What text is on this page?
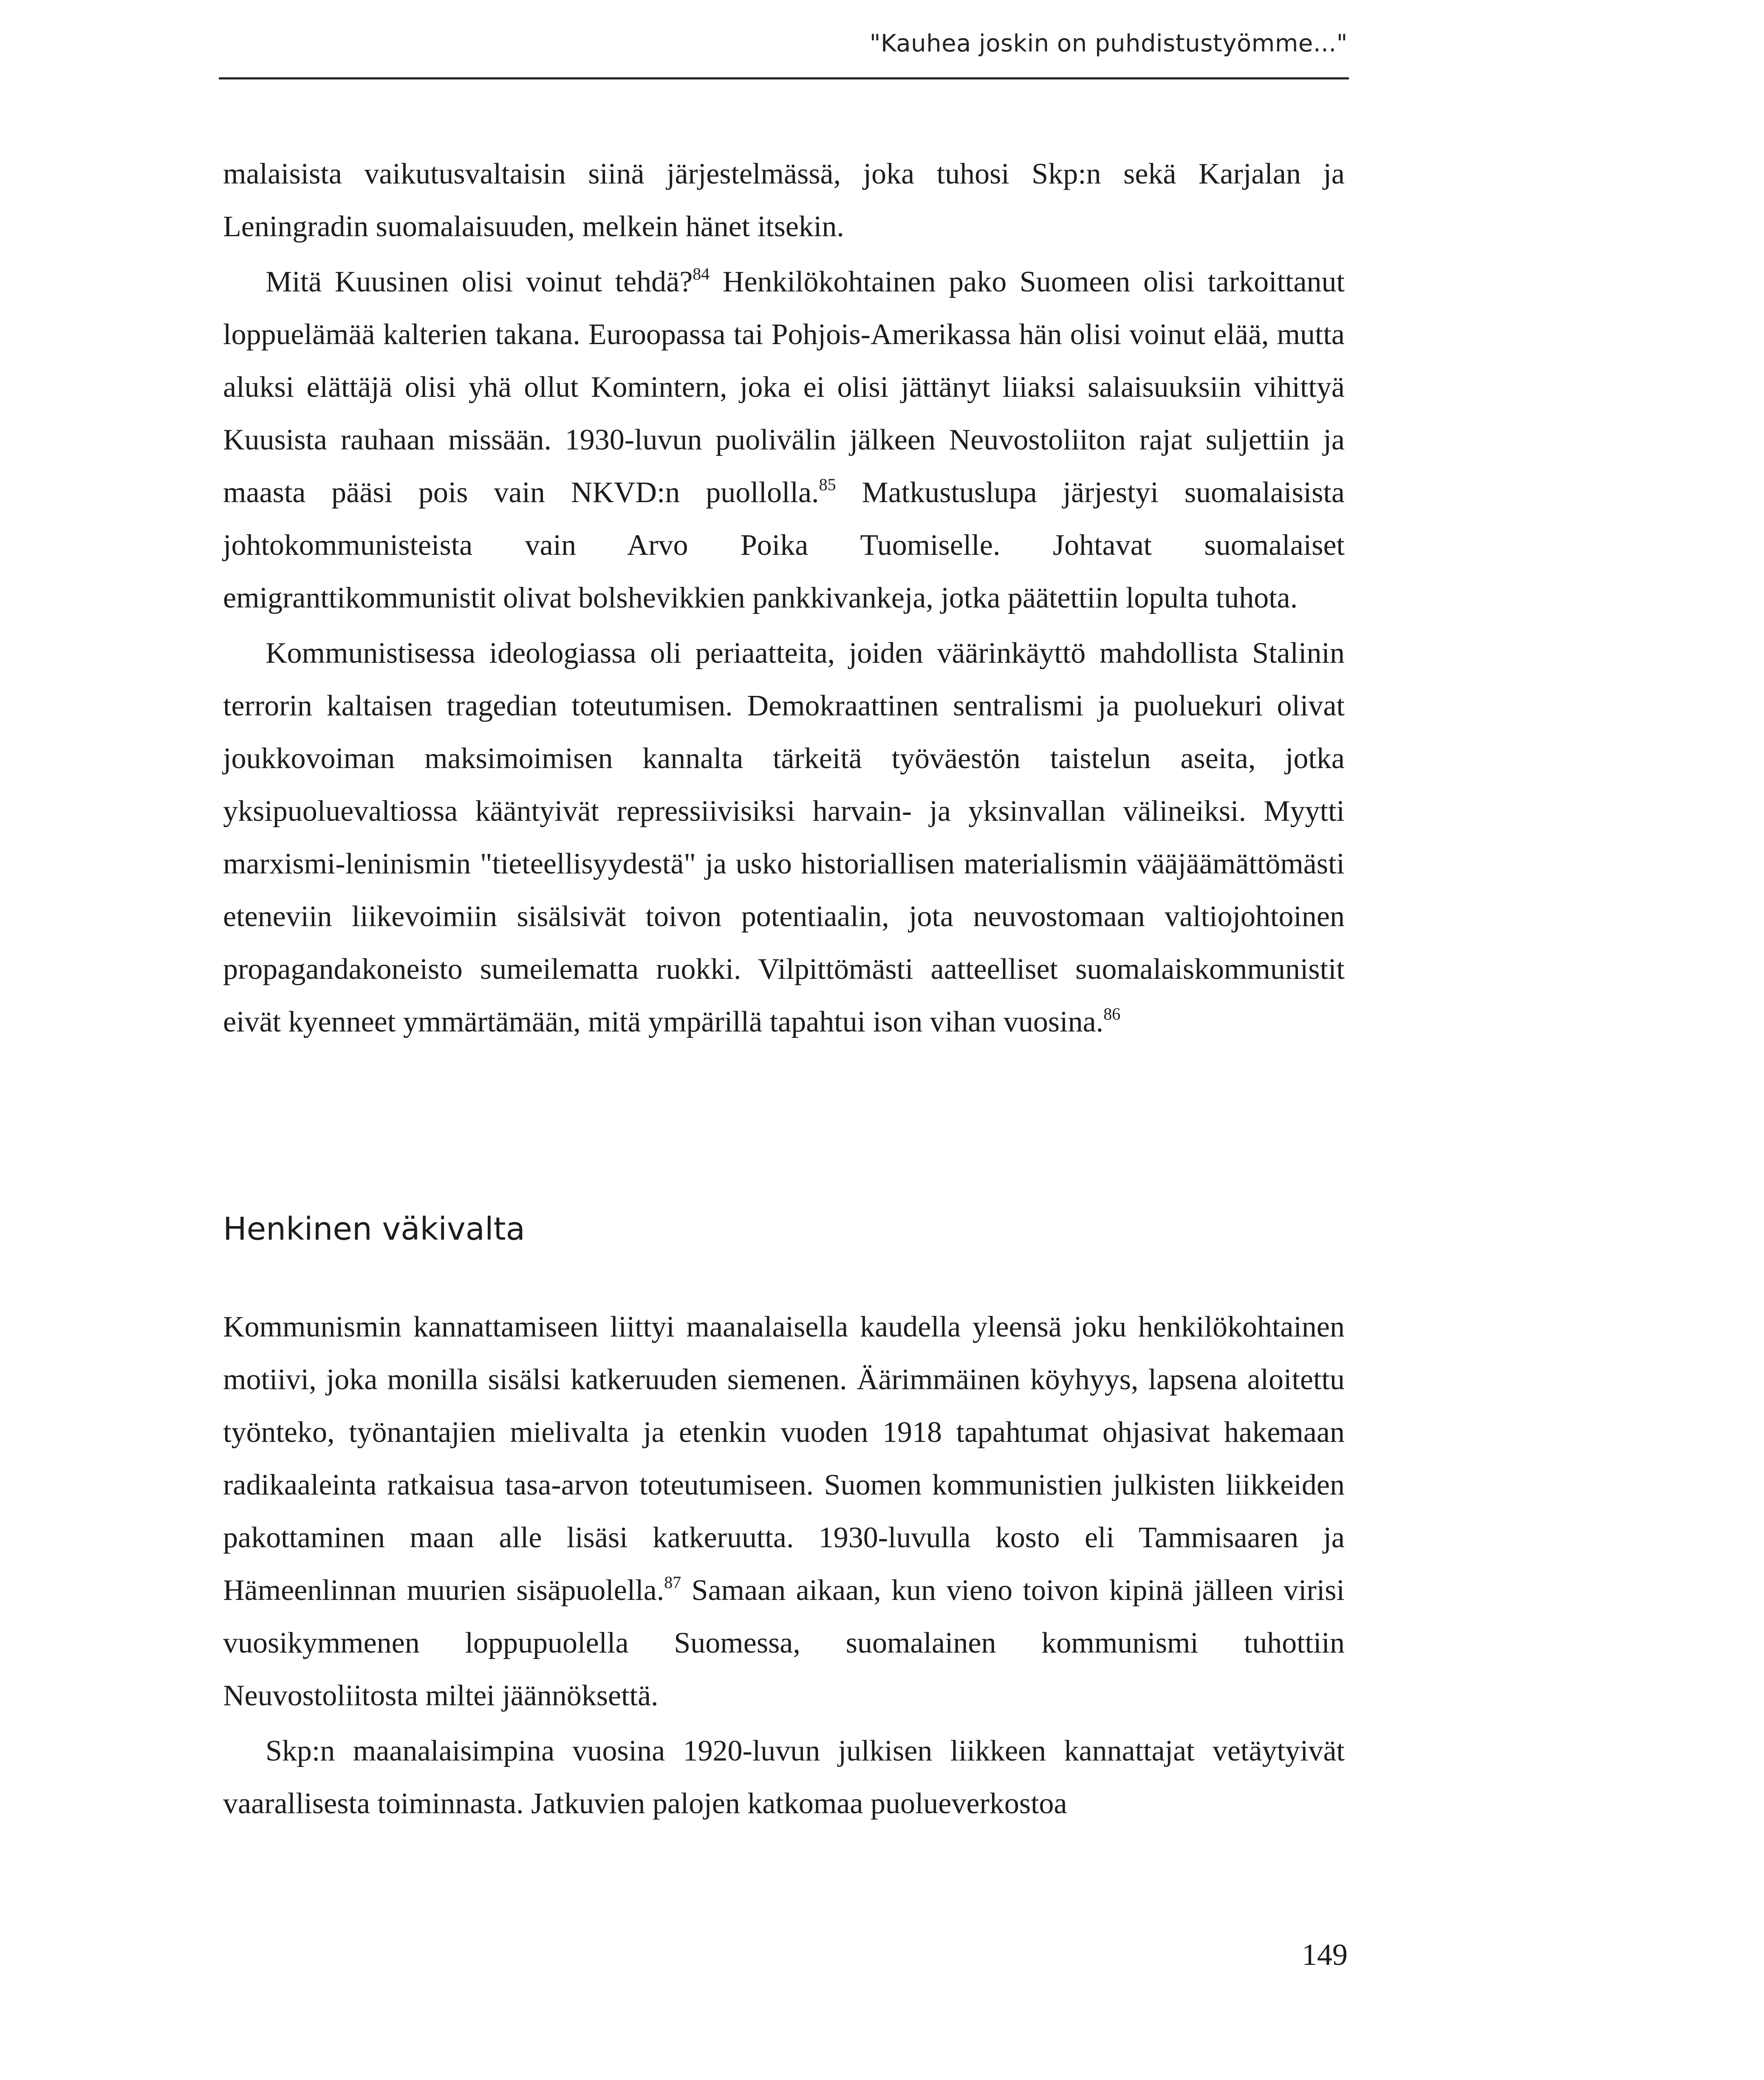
"Kauhea joskin on puhdistustyömme..."

malaisista vaikutusvaltaisin siinä järjestelmässä, joka tuhosi Skp:n sekä Karjalan ja Leningradin suomalaisuuden, melkein hänet itsekin.

Mitä Kuusinen olisi voinut tehdä?$^{84}$ Henkilökohtainen pako Suomeen olisi tarkoittanut loppuelämää kalterien takana. Euroopassa tai Pohjois-Amerikassa hän olisi voinut elää, mutta aluksi elättäjä olisi yhä ollut Komintern, joka ei olisi jättänyt liiaksi salaisuuksiin vihittyä Kuusista rauhaan missään. 1930-luvun puolivälin jälkeen Neuvostoliiton rajat suljettiin ja maasta pääsi pois vain NKVD:n puollolla.$^{85}$ Matkustuslupa järjestyi suomalaisista johtokommunisteista vain Arvo Poika Tuomiselle. Johtavat suomalaiset emigranttikommunistit olivat bolshevikkien pankkivankeja, jotka päätettiin lopulta tuhota.

Kommunistisessa ideologiassa oli periaatteita, joiden väärinkäyttö mahdollista Stalinin terrorin kaltaisen tragedian toteutumisen. Demokraattinen sentralismi ja puoluekuri olivat joukkovoiman maksimoimisen kannalta tärkeitä työväestön taistelun aseita, jotka yksipuoluevaltiossa kääntyivät repressiivisiksi harvain- ja yksinvallan välineiksi. Myytti marxismi-leninismin "tieteellisyydestä" ja usko historiallisen materialismin vääjäämättömästi eteneviin liikevoimiin sisälsivät toivon potentiaalin, jota neuvostomaan valtiojohtoinen propagandakoneisto sumeilematta ruokki. Vilpittömästi aatteelliset suomalaiskommunistit eivät kyenneet ymmärtämään, mitä ympärillä tapahtui ison vihan vuosina.$^{86}$

Henkinen väkivalta

Kommunismin kannattamiseen liittyi maanalaisella kaudella yleensä joku henkilökohtainen motiivi, joka monilla sisälsi katkeruuden siemenen. Äärimmäinen köyhyys, lapsena aloitettu työnteko, työnantajien mielivalta ja etenkin vuoden 1918 tapahtumat ohjasivat hakemaan radikaaleinta ratkaisua tasa-arvon toteutumiseen. Suomen kommunistien julkisten liikkeiden pakottaminen maan alle lisäsi katkeruutta. 1930-luvulla kosto eli Tammisaaren ja Hämeenlinnan muurien sisäpuolella.$^{87}$ Samaan aikaan, kun vieno toivon kipinä jälleen virisi vuosikymmenen loppupuolella Suomessa, suomalainen kommunismi tuhottiin Neuvostoliitosta miltei jäännöksettä.

Skp:n maanalaisimpina vuosina 1920-luvun julkisen liikkeen kannattajat vetäytyivät vaarallisesta toiminnasta. Jatkuvien palojen katkomaa puolueverkostoa

149
